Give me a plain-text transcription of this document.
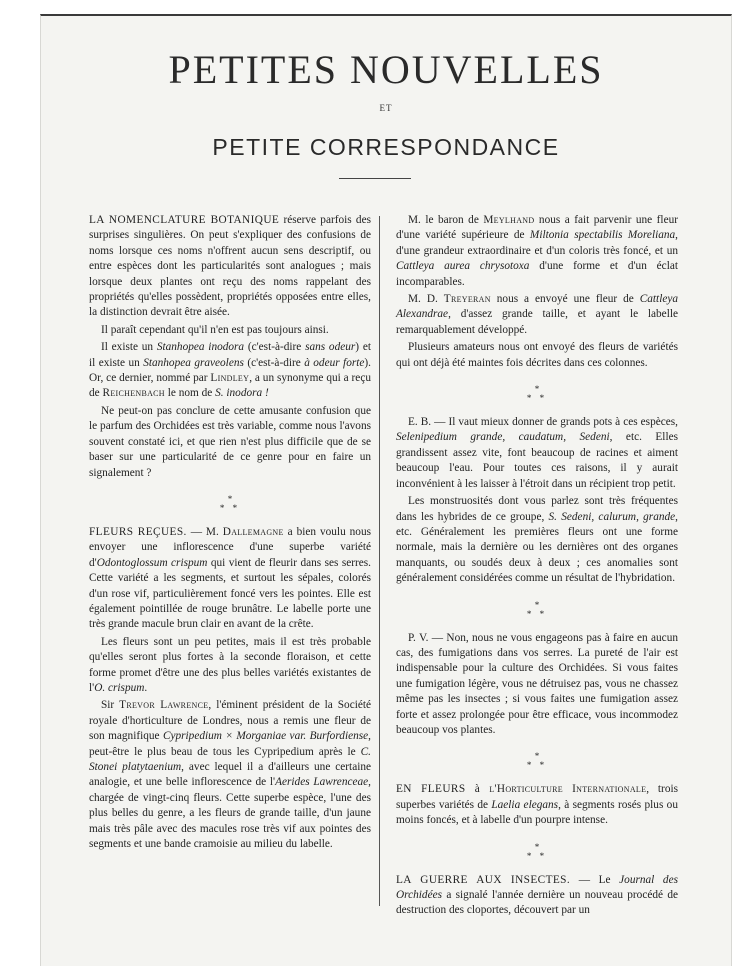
PETITES NOUVELLES
ET
PETITE CORRESPONDANCE

LA NOMENCLATURE BOTANIQUE réserve parfois des surprises singulières. On peut s'expliquer des confusions de noms lorsque ces noms n'offrent aucun sens descriptif, ou entre espèces dont les particularités sont analogues ; mais lorsque deux plantes ont reçu des noms rappelant des propriétés qu'elles possèdent, propriétés opposées entre elles, la distinction devrait être aisée.

Il paraît cependant qu'il n'en est pas toujours ainsi.

Il existe un Stanhopea inodora (c'est-à-dire sans odeur) et il existe un Stanhopea graveolens (c'est-à-dire à odeur forte). Or, ce dernier, nommé par Lindley, a un synonyme qui a reçu de Reichenbach le nom de S. inodora !

Ne peut-on pas conclure de cette amusante confusion que le parfum des Orchidées est très variable, comme nous l'avons souvent constaté ici, et que rien n'est plus difficile que de se baser sur une particularité de ce genre pour en faire un signalement ?

*
* *

FLEURS REÇUES. — M. Dallemagne a bien voulu nous envoyer une inflorescence d'une superbe variété d'Odontoglossum crispum qui vient de fleurir dans ses serres. Cette variété a les segments, et surtout les sépales, colorés d'un rose vif, particulièrement foncé vers les pointes. Elle est également pointillée de rouge brunâtre. Le labelle porte une très grande macule brun clair en avant de la crête.

Les fleurs sont un peu petites, mais il est très probable qu'elles seront plus fortes à la seconde floraison, et cette forme promet d'être une des plus belles variétés existantes de l'O. crispum.

Sir Trevor Lawrence, l'éminent président de la Société royale d'horticulture de Londres, nous a remis une fleur de son magnifique Cypripedium × Morganiae var. Burfordiense, peut-être le plus beau de tous les Cypripedium après le C. Stonei platytaenium, avec lequel il a d'ailleurs une certaine analogie, et une belle inflorescence de l'Aerides Lawrenceae, chargée de vingt-cinq fleurs. Cette superbe espèce, l'une des plus belles du genre, a les fleurs de grande taille, d'un jaune mais très pâle avec des macules rose très vif aux pointes des segments et une bande cramoisie au milieu du labelle.

M. le baron de Meylhand nous a fait parvenir une fleur d'une variété supérieure de Miltonia spectabilis Moreliana, d'une grandeur extraordinaire et d'un coloris très foncé, et un Cattleya aurea chrysotoxa d'une forme et d'un éclat incomparables.

M. D. Treyeran nous a envoyé une fleur de Cattleya Alexandrae, d'assez grande taille, et ayant le labelle remarquablement développé.

Plusieurs amateurs nous ont envoyé des fleurs de variétés qui ont déjà été maintes fois décrites dans ces colonnes.

*
* *

E. B. — Il vaut mieux donner de grands pots à ces espèces, Selenipedium grande, caudatum, Sedeni, etc. Elles grandissent assez vite, font beaucoup de racines et aiment beaucoup l'eau. Pour toutes ces raisons, il y aurait inconvénient à les laisser à l'étroit dans un récipient trop petit.

Les monstruosités dont vous parlez sont très fréquentes dans les hybrides de ce groupe, S. Sedeni, calurum, grande, etc. Généralement les premières fleurs ont une forme normale, mais la dernière ou les dernières ont des organes manquants, ou soudés deux à deux ; ces anomalies sont généralement considérées comme un résultat de l'hybridation.

*
* *

P. V. — Non, nous ne vous engageons pas à faire en aucun cas, des fumigations dans vos serres. La pureté de l'air est indispensable pour la culture des Orchidées. Si vous faites une fumigation légère, vous ne détruisez pas, vous ne chassez même pas les insectes ; si vous faites une fumigation assez forte et assez prolongée pour être efficace, vous incommodez beaucoup vos plantes.

*
* *

EN FLEURS à l'Horticulture Internationale, trois superbes variétés de Laelia elegans, à segments rosés plus ou moins foncés, et à labelle d'un pourpre intense.

*
* *

LA GUERRE AUX INSECTES. — Le Journal des Orchidées a signalé l'année dernière un nouveau procédé de destruction des cloportes, découvert par un
